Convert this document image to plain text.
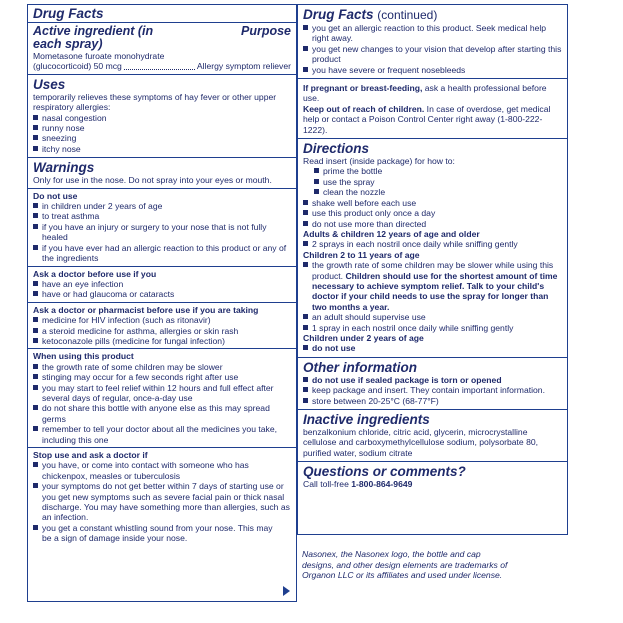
Drug Facts
Active ingredient (in each spray)
Purpose
Mometasone furoate monohydrate
(glucocorticoid) 50 mcg	Allergy symptom reliever
Uses
temporarily relieves these symptoms of hay fever or other upper respiratory allergies:
nasal congestion
runny nose
sneezing
itchy nose
Warnings
Only for use in the nose. Do not spray into your eyes or mouth.
Do not use
in children under 2 years of age
to treat asthma
if you have an injury or surgery to your nose that is not fully healed
if you have ever had an allergic reaction to this product or any of the ingredients
Ask a doctor before use if you
have an eye infection
have or had glaucoma or cataracts
Ask a doctor or pharmacist before use if you are taking
medicine for HIV infection (such as ritonavir)
a steroid medicine for asthma, allergies or skin rash
ketoconazole pills (medicine for fungal infection)
When using this product
the growth rate of some children may be slower
stinging may occur for a few seconds right after use
you may start to feel relief within 12 hours and full effect after several days of regular, once-a-day use
do not share this bottle with anyone else as this may spread germs
remember to tell your doctor about all the medicines you take, including this one
Stop use and ask a doctor if
you have, or come into contact with someone who has chickenpox, measles or tuberculosis
your symptoms do not get better within 7 days of starting use or you get new symptoms such as severe facial pain or thick nasal discharge. You may have something more than allergies, such as an infection.
you get a constant whistling sound from your nose. This may be a sign of damage inside your nose.
Drug Facts (continued)
you get an allergic reaction to this product. Seek medical help right away.
you get new changes to your vision that develop after starting this product
you have severe or frequent nosebleeds
If pregnant or breast-feeding, ask a health professional before use.
Keep out of reach of children. In case of overdose, get medical help or contact a Poison Control Center right away (1-800-222-1222).
Directions
Read insert (inside package) for how to:
prime the bottle
use the spray
clean the nozzle
shake well before each use
use this product only once a day
do not use more than directed
Adults & children 12 years of age and older
2 sprays in each nostril once daily while sniffing gently
Children 2 to 11 years of age
the growth rate of some children may be slower while using this product. Children should use for the shortest amount of time necessary to achieve symptom relief. Talk to your child's doctor if your child needs to use the spray for longer than two months a year.
an adult should supervise use
1 spray in each nostril once daily while sniffing gently
Children under 2 years of age
do not use
Other information
do not use if sealed package is torn or opened
keep package and insert. They contain important information.
store between 20-25°C (68-77°F)
Inactive ingredients
benzalkonium chloride, citric acid, glycerin, microcrystalline cellulose and carboxymethylcellulose sodium, polysorbate 80, purified water, sodium citrate
Questions or comments?
Call toll-free 1-800-864-9649
Nasonex, the Nasonex logo, the bottle and cap designs, and other design elements are trademarks of Organon LLC or its affiliates and used under license.
